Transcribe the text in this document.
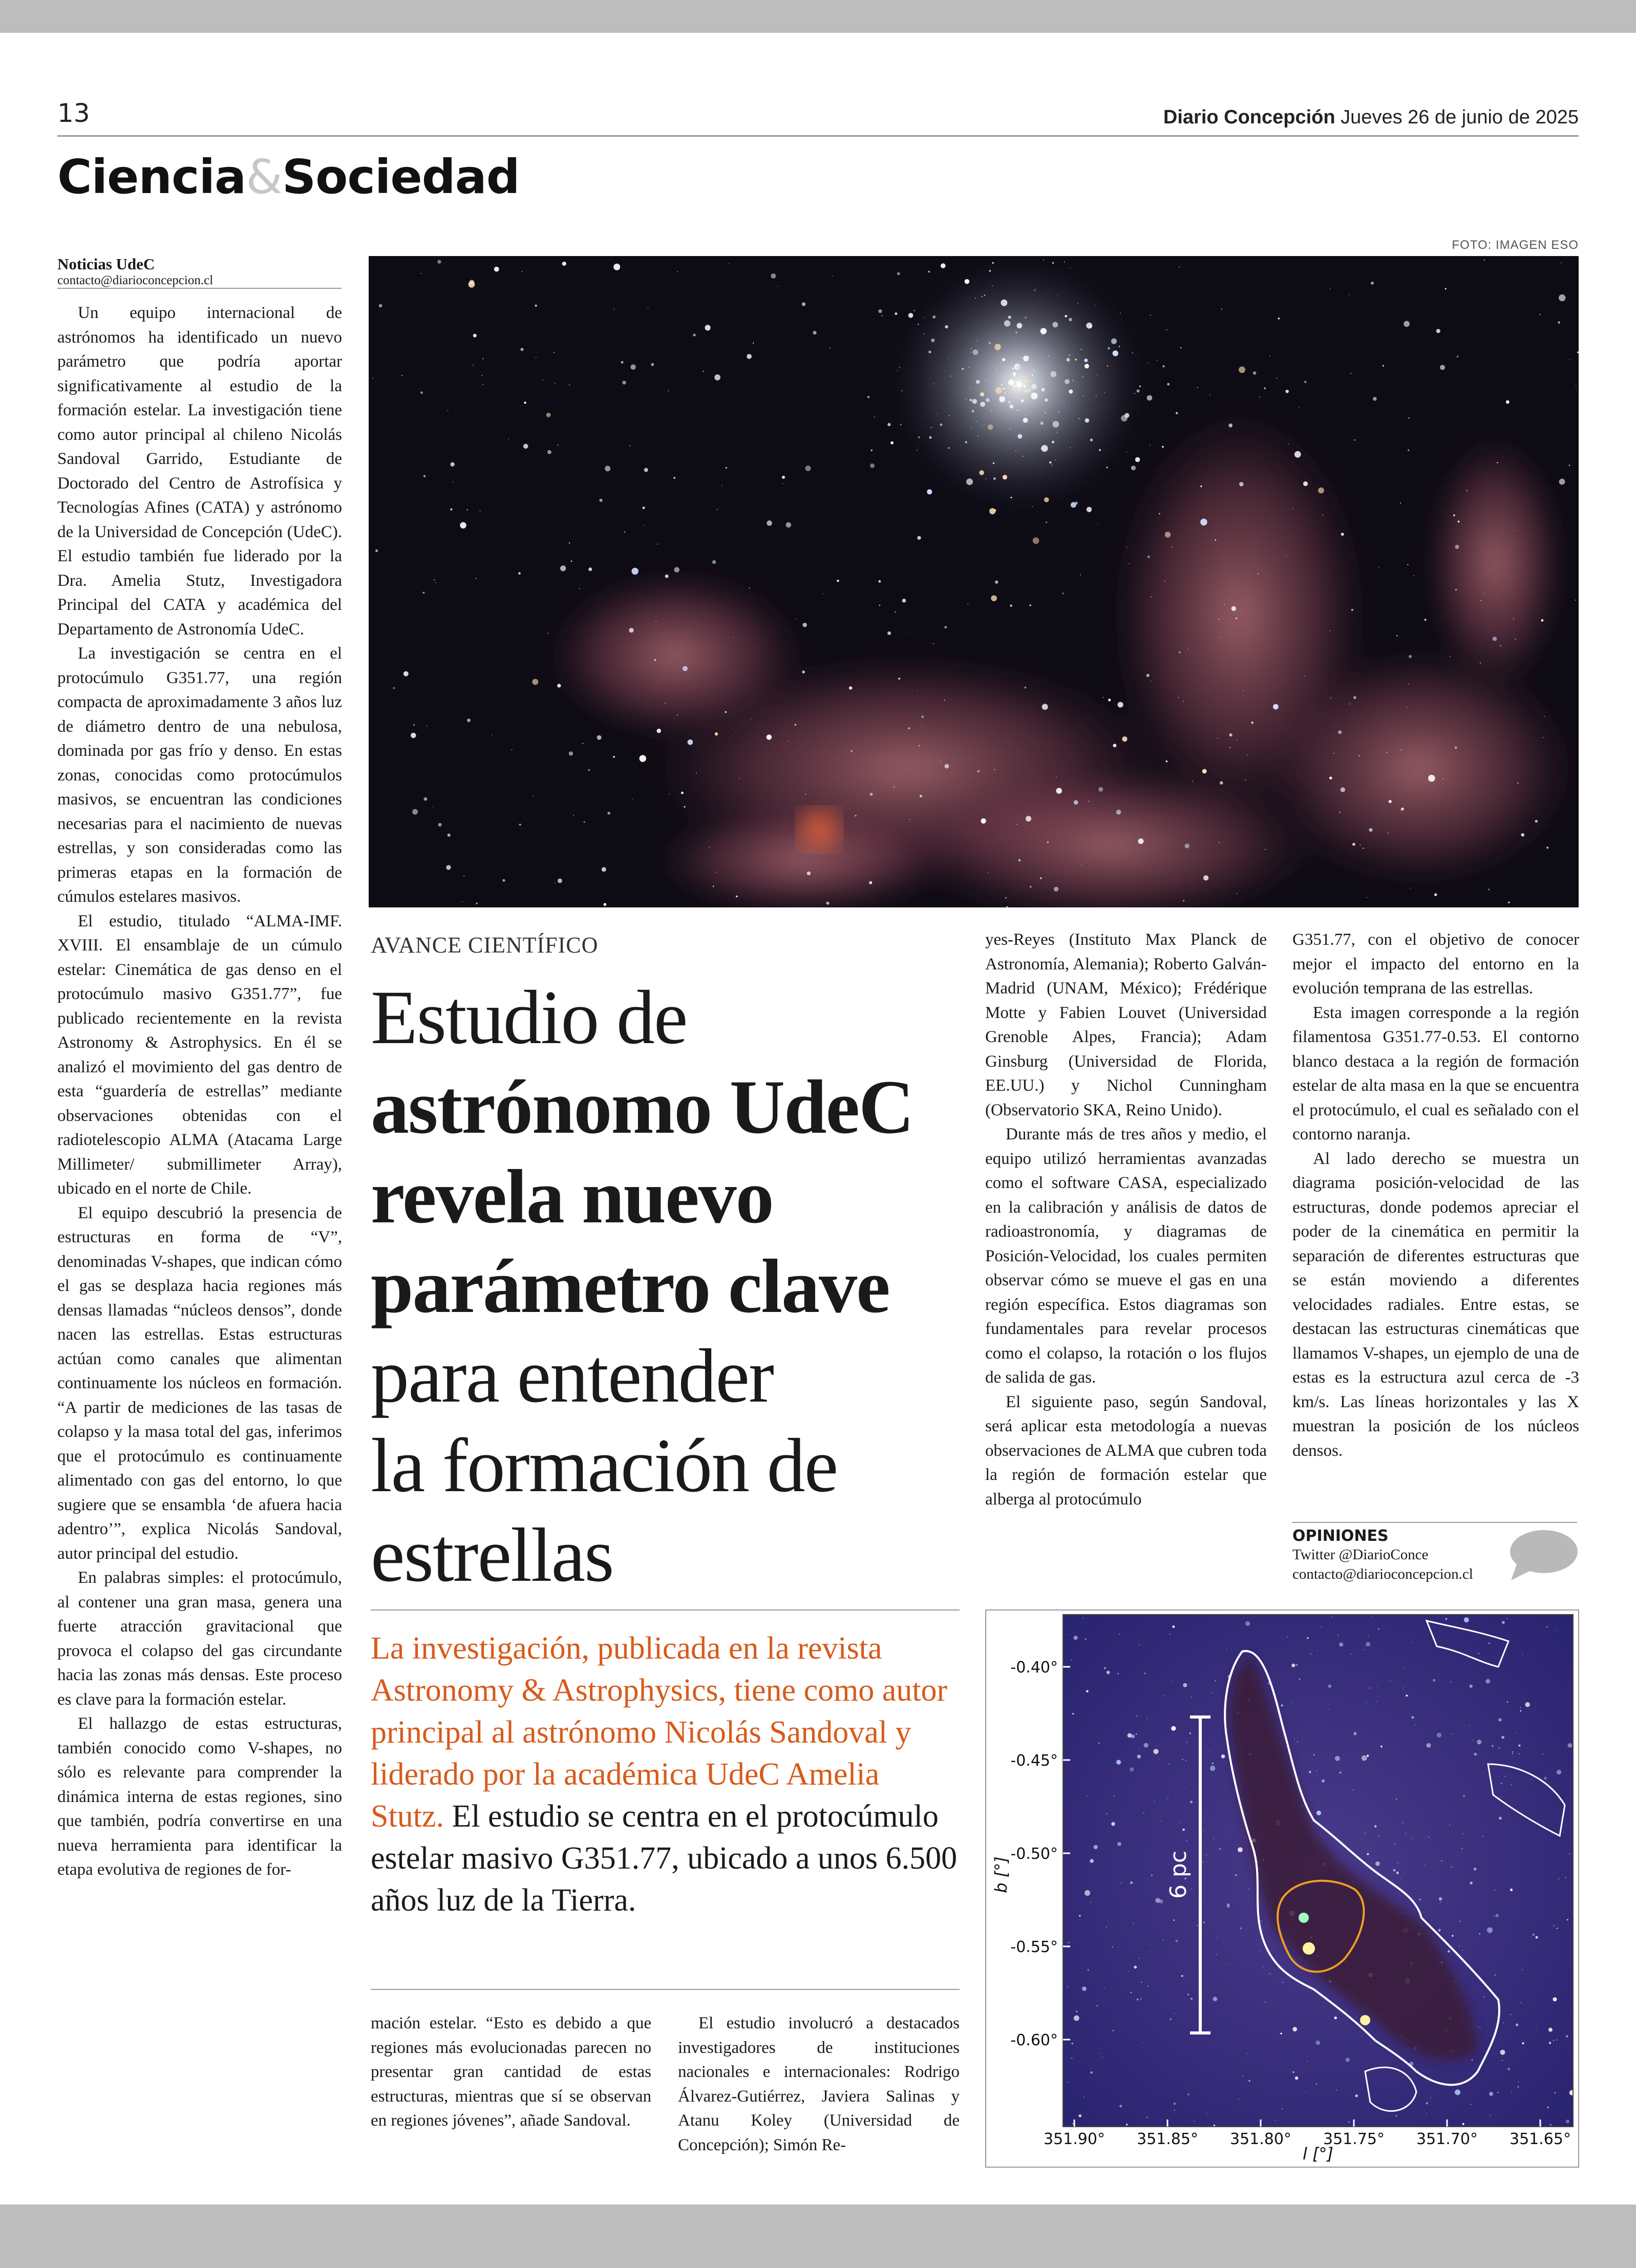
13	Diario Concepción Jueves 26 de junio de 2025
Ciencia&Sociedad
Noticias UdeC
contacto@diarioconcepcion.cl

Un equipo internacional de astrónomos ha identificado un nuevo parámetro que podría aportar significativamente al estudio de la formación estelar. La investigación tiene como autor principal al chileno Nicolás Sandoval Garrido, Estudiante de Doctorado del Centro de Astrofísica y Tecnologías Afines (CATA) y astrónomo de la Universidad de Concepción (UdeC). El estudio también fue liderado por la Dra. Amelia Stutz, Investigadora Principal del CATA y académica del Departamento de Astronomía UdeC.

La investigación se centra en el protocúmulo G351.77, una región compacta de aproximadamente 3 años luz de diámetro dentro de una nebulosa, dominada por gas frío y denso. En estas zonas, conocidas como protocúmulos masivos, se encuentran las condiciones necesarias para el nacimiento de nuevas estrellas, y son consideradas como las primeras etapas en la formación de cúmulos estelares masivos.

El estudio, titulado “ALMA-IMF. XVIII. El ensamblaje de un cúmulo estelar: Cinemática de gas denso en el protocúmulo masivo G351.77”, fue publicado recientemente en la revista Astronomy & Astrophysics. En él se analizó el movimiento del gas dentro de esta “guardería de estrellas” mediante observaciones obtenidas con el radiotelescopio ALMA (Atacama Large Millimeter/ submillimeter Array), ubicado en el norte de Chile.

El equipo descubrió la presencia de estructuras en forma de “V”, denominadas V-shapes, que indican cómo el gas se desplaza hacia regiones más densas llamadas “núcleos densos”, donde nacen las estrellas. Estas estructuras actúan como canales que alimentan continuamente los núcleos en formación. “A partir de mediciones de las tasas de colapso y la masa total del gas, inferimos que el protocúmulo es continuamente alimentado con gas del entorno, lo que sugiere que se ensambla ‘de afuera hacia adentro’”, explica Nicolás Sandoval, autor principal del estudio.

En palabras simples: el protocúmulo, al contener una gran masa, genera una fuerte atracción gravitacional que provoca el colapso del gas circundante hacia las zonas más densas. Este proceso es clave para la formación estelar.

El hallazgo de estas estructuras, también conocido como V-shapes, no sólo es relevante para comprender la dinámica interna de estas regiones, sino que también, podría convertirse en una nueva herramienta para identificar la etapa evolutiva de regiones de for-

FOTO: IMAGEN ESO
AVANCE CIENTÍFICO
Estudio de
astrónomo UdeC
revela nuevo
parámetro clave
para entender
la formación de
estrellas
La investigación, publicada en la revista Astronomy & Astrophysics, tiene como autor principal al astrónomo Nicolás Sandoval y liderado por la académica UdeC Amelia Stutz. El estudio se centra en el protocúmulo estelar masivo G351.77, ubicado a unos 6.500 años luz de la Tierra.

mación estelar. “Esto es debido a que regiones más evolucionadas parecen no presentar gran cantidad de estas estructuras, mientras que sí se observan en regiones jóvenes”, añade Sandoval.

El estudio involucró a destacados investigadores de instituciones nacionales e internacionales: Rodrigo Álvarez-Gutiérrez, Javiera Salinas y Atanu Koley (Universidad de Concepción); Simón Re-

yes-Reyes (Instituto Max Planck de Astronomía, Alemania); Roberto Galván-Madrid (UNAM, México); Frédérique Motte y Fabien Louvet (Universidad Grenoble Alpes, Francia); Adam Ginsburg (Universidad de Florida, EE.UU.) y Nichol Cunningham (Observatorio SKA, Reino Unido).

Durante más de tres años y medio, el equipo utilizó herramientas avanzadas como el software CASA, especializado en la calibración y análisis de datos de radioastronomía, y diagramas de Posición-Velocidad, los cuales permiten observar cómo se mueve el gas en una región específica. Estos diagramas son fundamentales para revelar procesos como el colapso, la rotación o los flujos de salida de gas.

El siguiente paso, según Sandoval, será aplicar esta metodología a nuevas observaciones de ALMA que cubren toda la región de formación estelar que alberga al protocúmulo

G351.77, con el objetivo de conocer mejor el impacto del entorno en la evolución temprana de las estrellas.

Esta imagen corresponde a la región filamentosa G351.77-0.53. El contorno blanco destaca a la región de formación estelar de alta masa en la que se encuentra el protocúmulo, el cual es señalado con el contorno naranja.

Al lado derecho se muestra un diagrama posición-velocidad de las estructuras, donde podemos apreciar el poder de la cinemática en permitir la separación de diferentes estructuras que se están moviendo a diferentes velocidades radiales. Entre estas, se destacan las estructuras cinemáticas que llamamos V-shapes, un ejemplo de una de estas es la estructura azul cerca de -3 km/s. Las líneas horizontales y las X muestran la posición de los núcleos densos.

OPINIONES
Twitter @DiarioConce
contacto@diarioconcepcion.cl
6 pc
-0.40°
-0.45°
-0.50°
-0.55°
-0.60°
351.90° 351.85° 351.80° 351.75° 351.70° 351.65°
b [°]
l [°]
